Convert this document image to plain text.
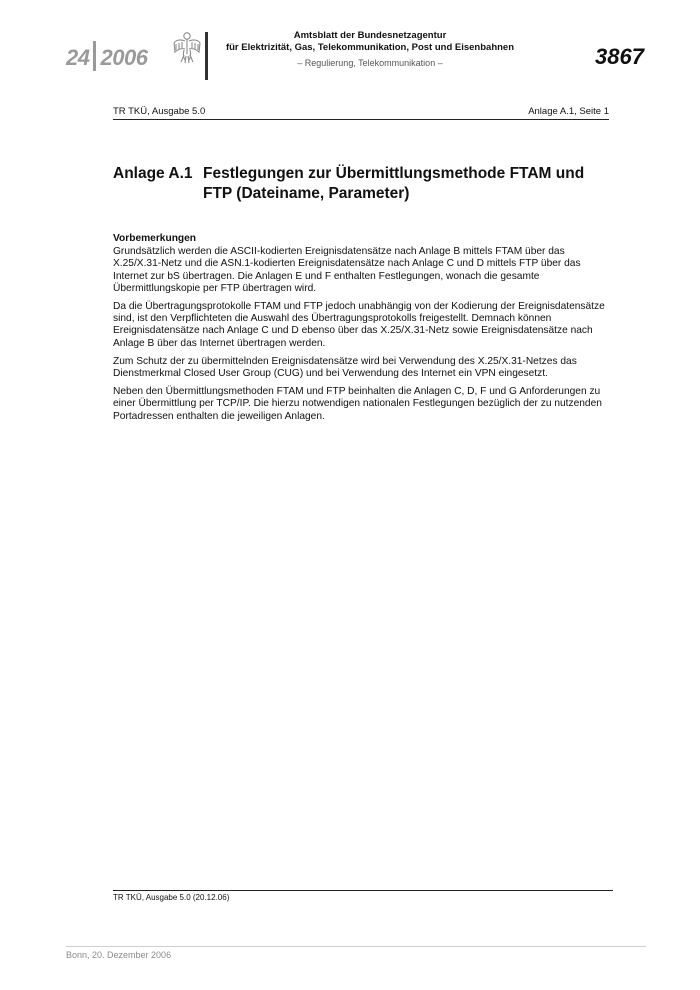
24 2006
Amtsblatt der Bundesnetzagentur
für Elektrizität, Gas, Telekommunikation, Post und Eisenbahnen
– Regulierung, Telekommunikation –	3867
TR TKÜ, Ausgabe 5.0	Anlage A.1, Seite 1
Anlage A.1 Festlegungen zur Übermittlungsmethode FTAM und FTP (Dateiname, Parameter)
Vorbemerkungen

Grundsätzlich werden die ASCII-kodierten Ereignisdatensätze nach Anlage B mittels FTAM über das X.25/X.31-Netz und die ASN.1-kodierten Ereignisdatensätze nach Anlage C und D mittels FTP über das Internet zur bS übertragen. Die Anlagen E und F enthalten Festlegungen, wonach die gesamte Übermittlungskopie per FTP übertragen wird.

Da die Übertragungsprotokolle FTAM und FTP jedoch unabhängig von der Kodierung der Ereignisdatensätze sind, ist den Verpflichteten die Auswahl des Übertragungsprotokolls freigestellt. Demnach können Ereignisdatensätze nach Anlage C und D ebenso über das X.25/X.31-Netz sowie Ereignisdatensätze nach Anlage B über das Internet übertragen werden.

Zum Schutz der zu übermittelnden Ereignisdatensätze wird bei Verwendung des X.25/X.31-Netzes das Dienstmerkmal Closed User Group (CUG) und bei Verwendung des Internet ein VPN eingesetzt.

Neben den Übermittlungsmethoden FTAM und FTP beinhalten die Anlagen C, D, F und G Anforderungen zu einer Übermittlung per TCP/IP. Die hierzu notwendigen nationalen Festlegungen bezüglich der zu nutzenden Portadressen enthalten die jeweiligen Anlagen.

TR TKÜ, Ausgabe 5.0 (20.12.06)
Bonn, 20. Dezember 2006
